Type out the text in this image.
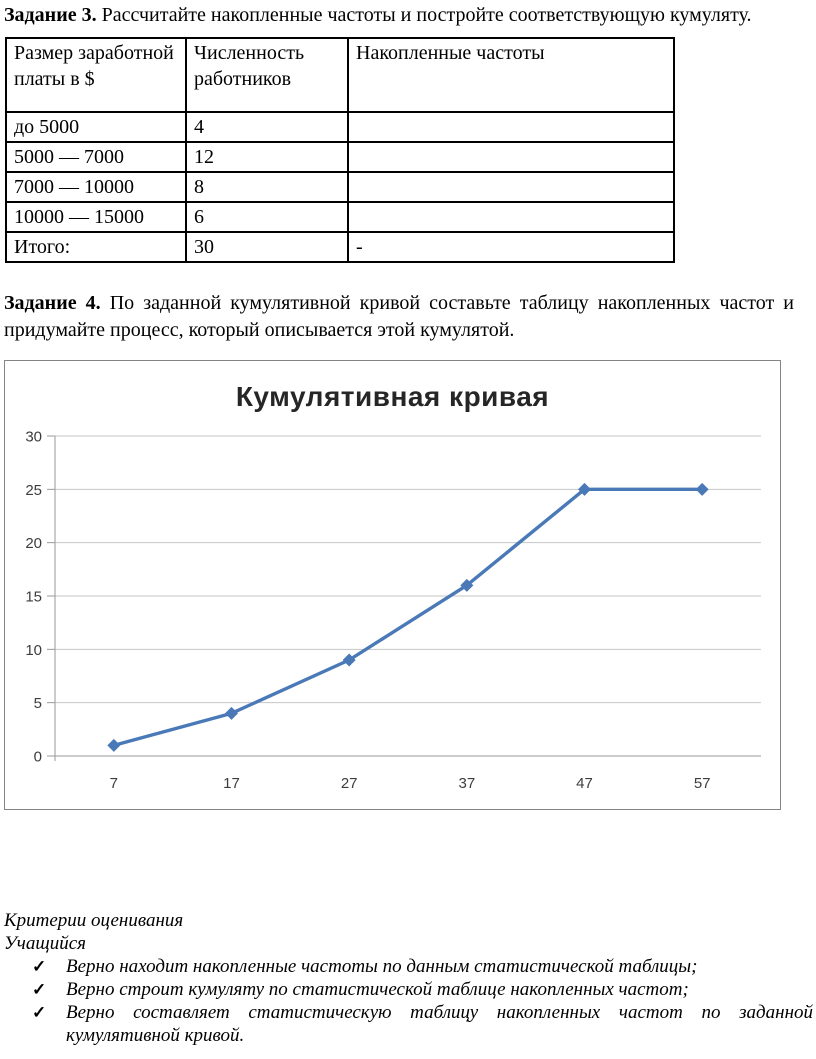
Задание 3. Рассчитайте накопленные частоты и постройте соответствующую кумуляту.

Размер заработной платы в $	Численность работников	Накопленные частоты
до 5000	4	
5000 — 7000	12	
7000 — 10000	8	
10000 — 15000	6	
Итого:	30	-

Задание 4. По заданной кумулятивной кривой составьте таблицу накопленных частот и придумайте процесс, который описывается этой кумулятой.

Кумулятивная кривая
0
5
10
15
20
25
30
7	17	27	37	47	57

Критерии оценивания

Учащийся

✓	Верно находит накопленные частоты по данным статистической таблицы;
✓	Верно строит кумуляту по статистической таблице накопленных частот;
✓	Верно составляет статистическую таблицу накопленных частот по заданной кумулятивной кривой.
